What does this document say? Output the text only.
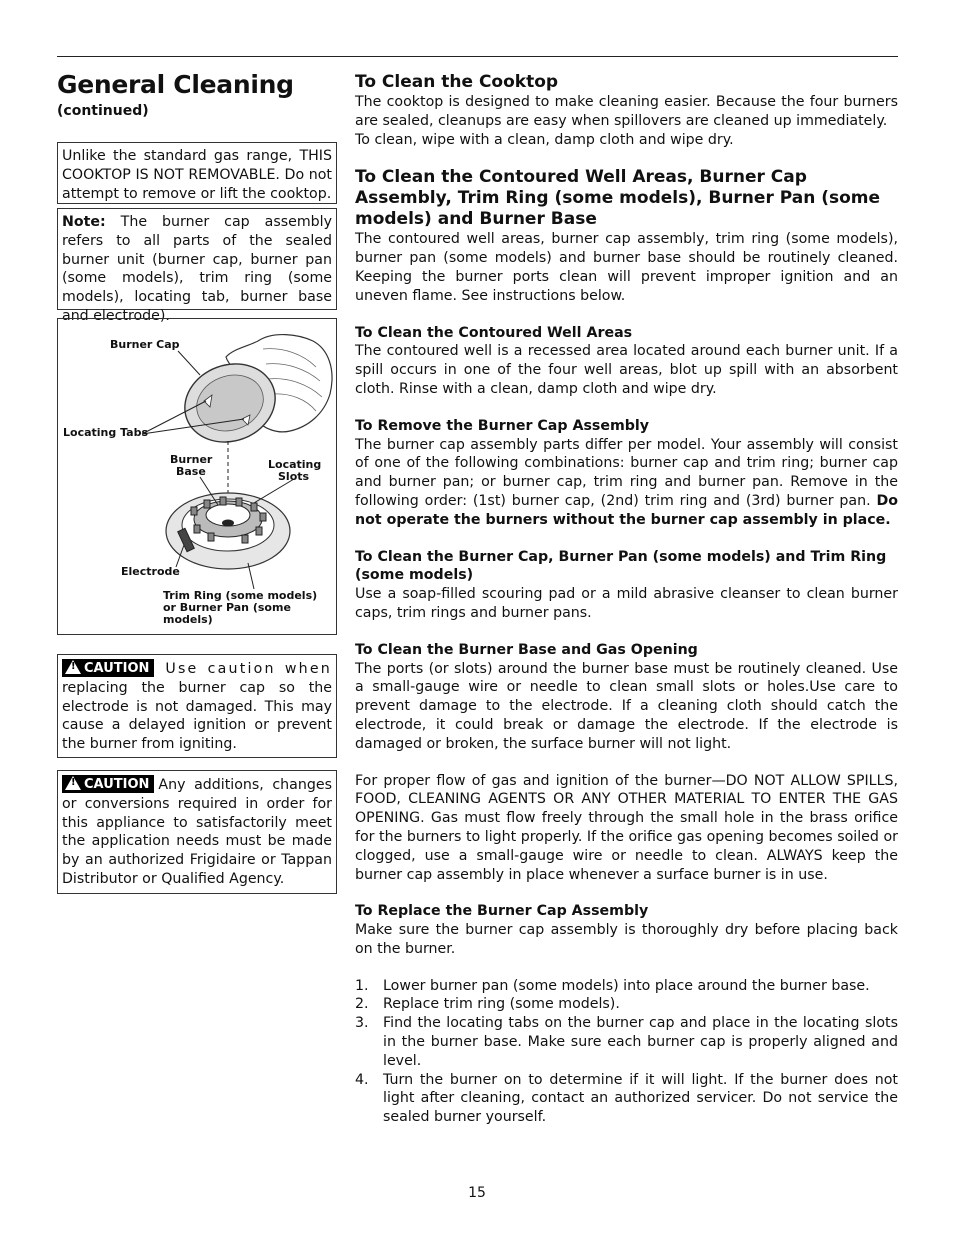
General Cleaning
(continued)
Unlike the standard gas range, THIS COOKTOP IS NOT REMOVABLE. Do not attempt to remove or lift the cooktop.
Note: The burner cap assembly refers to all parts of the sealed burner unit (burner cap, burner pan (some models), trim ring (some models), locating tab, burner base and electrode).
Burner Cap
Locating Tabs
Burner
Base
Locating
Slots
Electrode
Trim Ring (some models)
or Burner Pan (some models)
!CAUTION Use caution when replacing the burner cap so the electrode is not damaged. This may cause a delayed ignition or prevent the burner from igniting.
!CAUTION Any additions, changes or conversions required in order for this appliance to satisfactorily meet the application needs must be made by an authorized Frigidaire or Tappan Distributor or Qualified Agency.
To Clean the Cooktop

The cooktop is designed to make cleaning easier. Because the four burners are sealed, cleanups are easy when spillovers are cleaned up immediately.

To clean, wipe with a clean, damp cloth and wipe dry.

To Clean the Contoured Well Areas, Burner Cap Assembly, Trim Ring (some models), Burner Pan (some models) and Burner Base

The contoured well areas, burner cap assembly, trim ring (some models), burner pan (some models) and burner base should be routinely cleaned. Keeping the burner ports clean will prevent improper ignition and an uneven flame. See instructions below.

To Clean the Contoured Well Areas

The contoured well is a recessed area located around each burner unit. If a spill occurs in one of the four well areas, blot up spill with an absorbent cloth. Rinse with a clean, damp cloth and wipe dry.

To Remove the Burner Cap Assembly

The burner cap assembly parts differ per model. Your assembly will consist of one of the following combinations: burner cap and trim ring; burner cap and burner pan; or burner cap, trim ring and burner pan. Remove in the following order: (1st) burner cap, (2nd) trim ring and (3rd) burner pan. Do not operate the burners without the burner cap assembly in place.

To Clean the Burner Cap, Burner Pan (some models) and Trim Ring (some models)

Use a soap-filled scouring pad or a mild abrasive cleanser to clean burner caps, trim rings and burner pans.

To Clean the Burner Base and Gas Opening

The ports (or slots) around the burner base must be routinely cleaned. Use a small-gauge wire or needle to clean small slots or holes.Use care to prevent damage to the electrode. If a cleaning cloth should catch the electrode, it could break or damage the electrode. If the electrode is damaged or broken, the surface burner will not light.

For proper flow of gas and ignition of the burner—DO NOT ALLOW SPILLS, FOOD, CLEANING AGENTS OR ANY OTHER MATERIAL TO ENTER THE GAS OPENING. Gas must flow freely through the small hole in the brass orifice for the burners to light properly. If the orifice gas opening becomes soiled or clogged, use a small-gauge wire or needle to clean. ALWAYS keep the burner cap assembly in place whenever a surface burner is in use.

To Replace the Burner Cap Assembly

Make sure the burner cap assembly is thoroughly dry before placing back on the burner.

1. Lower burner pan (some models) into place around the burner base.
2. Replace trim ring (some models).
3. Find the locating tabs on the burner cap and place in the locating slots in the burner base. Make sure each burner cap is properly aligned and level.
4. Turn the burner on to determine if it will light. If the burner does not light after cleaning, contact an authorized servicer. Do not service the sealed burner yourself.
15
